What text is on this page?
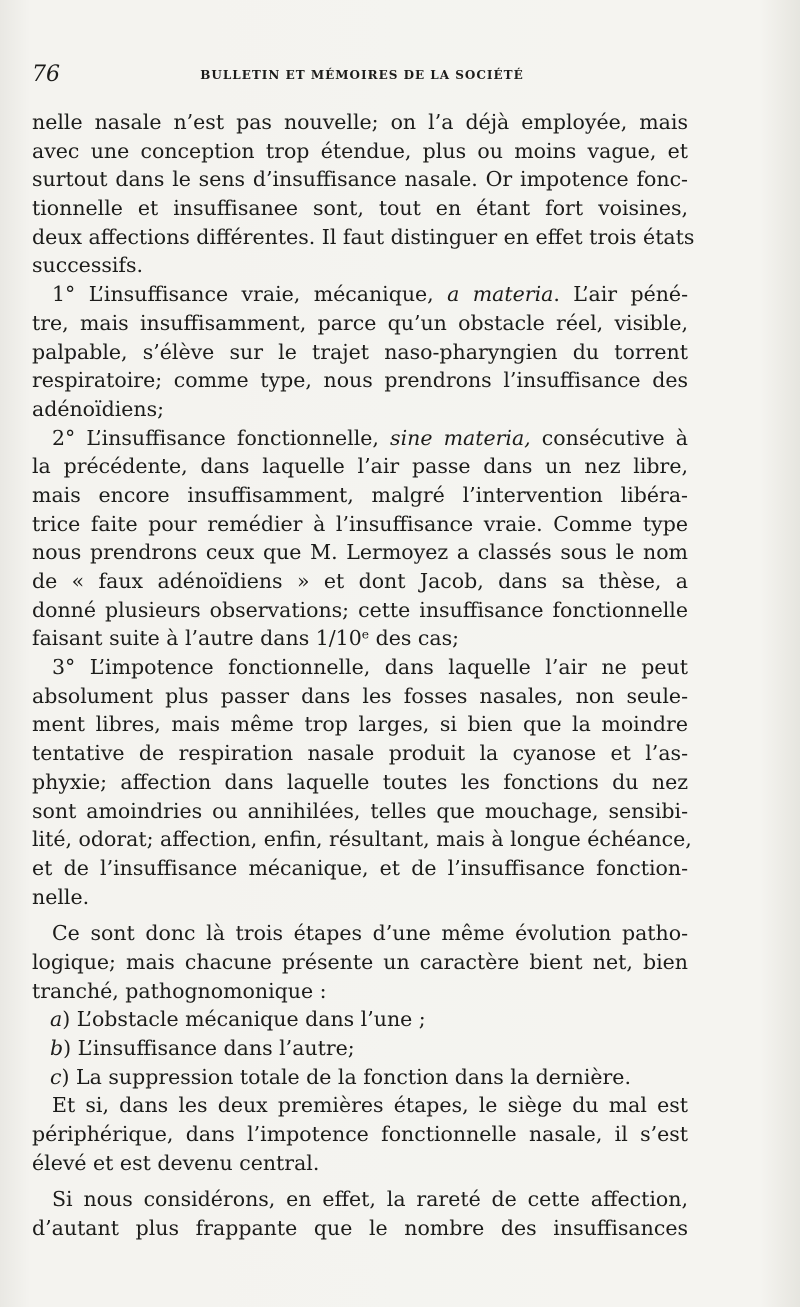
76	BULLETIN ET MÉMOIRES DE LA SOCIÉTÉ
nelle nasale n’est pas nouvelle; on l’a déjà employée, mais
avec une conception trop étendue, plus ou moins vague, et
surtout dans le sens d’insuffisance nasale. Or impotence fonc-
tionnelle et insuffisanee sont, tout en étant fort voisines,
deux affections différentes. Il faut distinguer en effet trois états
successifs.
1° L’insuffisance vraie, mécanique, a materia. L’air péné-
tre, mais insuffisamment, parce qu’un obstacle réel, visible,
palpable, s’élève sur le trajet naso-pharyngien du torrent
respiratoire; comme type, nous prendrons l’insuffisance des
adénoïdiens;
2° L’insuffisance fonctionnelle, sine materia, consécutive à
la précédente, dans laquelle l’air passe dans un nez libre,
mais encore insuffisamment, malgré l’intervention libéra-
trice faite pour remédier à l’insuffisance vraie. Comme type
nous prendrons ceux que M. Lermoyez a classés sous le nom
de « faux adénoïdiens » et dont Jacob, dans sa thèse, a
donné plusieurs observations; cette insuffisance fonctionnelle
faisant suite à l’autre dans 1/10e des cas;
3° L’impotence fonctionnelle, dans laquelle l’air ne peut
absolument plus passer dans les fosses nasales, non seule-
ment libres, mais même trop larges, si bien que la moindre
tentative de respiration nasale produit la cyanose et l’as-
phyxie; affection dans laquelle toutes les fonctions du nez
sont amoindries ou annihilées, telles que mouchage, sensibi-
lité, odorat; affection, enfin, résultant, mais à longue échéance,
et de l’insuffisance mécanique, et de l’insuffisance fonction-
nelle.
Ce sont donc là trois étapes d’une même évolution patho-
logique; mais chacune présente un caractère bient net, bien
tranché, pathognomonique :
a) L’obstacle mécanique dans l’une ;
b) L’insuffisance dans l’autre;
c) La suppression totale de la fonction dans la dernière.
Et si, dans les deux premières étapes, le siège du mal est
périphérique, dans l’impotence fonctionnelle nasale, il s’est
élevé et est devenu central.
Si nous considérons, en effet, la rareté de cette affection,
d’autant plus frappante que le nombre des insuffisances
